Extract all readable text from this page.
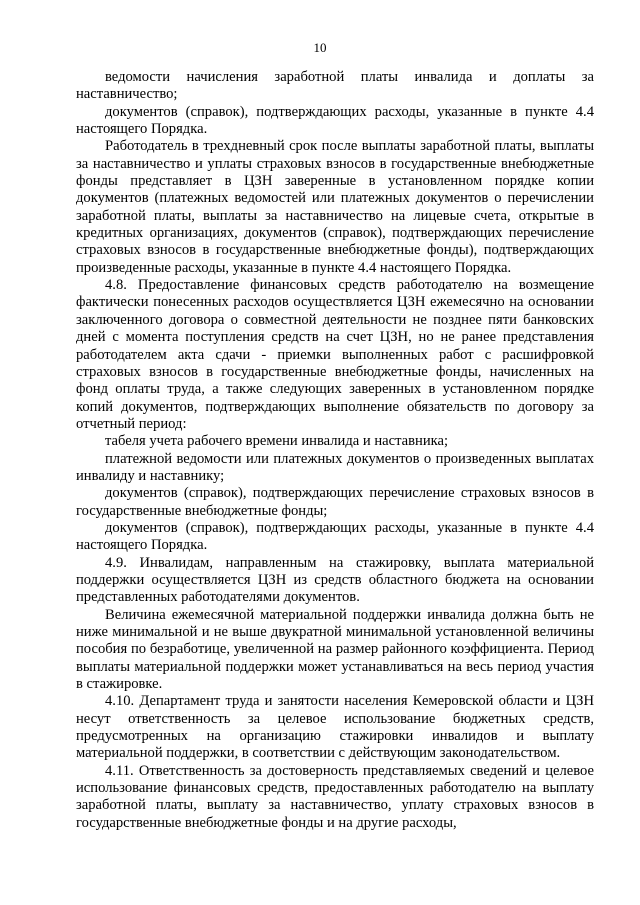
10

ведомости начисления заработной платы инвалида и доплаты за наставничество;

документов (справок), подтверждающих расходы, указанные в пункте 4.4 настоящего Порядка.

Работодатель в трехдневный срок после выплаты заработной платы, выплаты за наставничество и уплаты страховых взносов в государственные внебюджетные фонды представляет в ЦЗН заверенные в установленном порядке копии документов (платежных ведомостей или платежных документов о перечислении заработной платы, выплаты за наставничество на лицевые счета, открытые в кредитных организациях, документов (справок), подтверждающих перечисление страховых взносов в государственные внебюджетные фонды), подтверждающих произведенные расходы, указанные в пункте 4.4 настоящего Порядка.

4.8. Предоставление финансовых средств работодателю на возмещение фактически понесенных расходов осуществляется ЦЗН ежемесячно на основании заключенного договора о совместной деятельности не позднее пяти банковских дней с момента поступления средств на счет ЦЗН, но не ранее представления работодателем акта сдачи - приемки выполненных работ с расшифровкой страховых взносов в государственные внебюджетные фонды, начисленных на фонд оплаты труда, а также следующих заверенных в установленном порядке копий документов, подтверждающих выполнение обязательств по договору за отчетный период:

табеля учета рабочего времени инвалида и наставника;

платежной ведомости или платежных документов о произведенных выплатах инвалиду и наставнику;

документов (справок), подтверждающих перечисление страховых взносов в государственные внебюджетные фонды;

документов (справок), подтверждающих расходы, указанные в пункте 4.4 настоящего Порядка.

4.9. Инвалидам, направленным на стажировку, выплата материальной поддержки осуществляется ЦЗН из средств областного бюджета на основании представленных работодателями документов.

Величина ежемесячной материальной поддержки инвалида должна быть не ниже минимальной и не выше двукратной минимальной установленной величины пособия по безработице, увеличенной на размер районного коэффициента. Период выплаты материальной поддержки может устанавливаться на весь период участия в стажировке.

4.10. Департамент труда и занятости населения Кемеровской области и ЦЗН несут ответственность за целевое использование бюджетных средств, предусмотренных на организацию стажировки инвалидов и выплату материальной поддержки, в соответствии с действующим законодательством.

4.11. Ответственность за достоверность представляемых сведений и целевое использование финансовых средств, предоставленных работодателю на выплату заработной платы, выплату за наставничество, уплату страховых взносов в государственные внебюджетные фонды и на другие расходы,
